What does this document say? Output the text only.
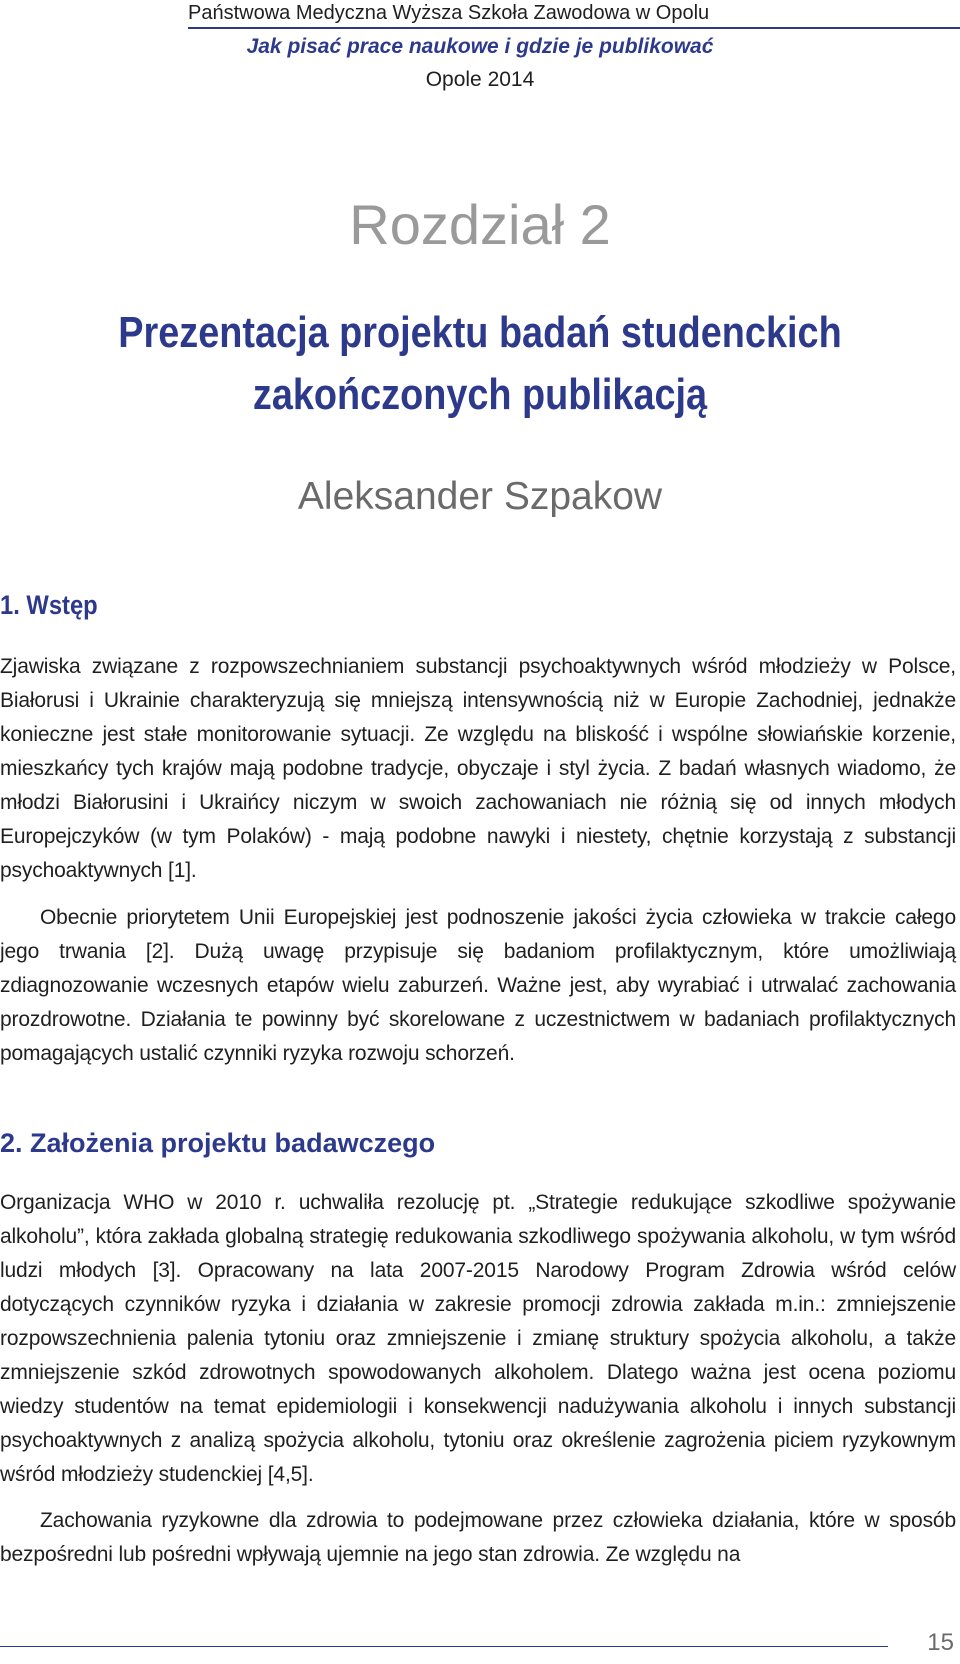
Państwowa Medyczna Wyższa Szkoła Zawodowa w Opolu
Jak pisać prace naukowe i gdzie je publikować
Opole 2014
Rozdział 2
Prezentacja projektu badań studenckich zakończonych publikacją
Aleksander Szpakow
1. Wstęp

Zjawiska związane z rozpowszechnianiem substancji psychoaktywnych wśród młodzieży w Polsce, Białorusi i Ukrainie charakteryzują się mniejszą intensywnością niż w Europie Zachodniej, jednakże konieczne jest stałe monitorowanie sytuacji. Ze względu na bliskość i wspólne słowiańskie korzenie, mieszkańcy tych krajów mają podobne tradycje, obyczaje i styl życia. Z badań własnych wiadomo, że młodzi Białorusini i Ukraińcy niczym w swoich zachowaniach nie różnią się od innych młodych Europejczyków (w tym Polaków) - mają podobne nawyki i niestety, chętnie korzystają z substancji psychoaktywnych [1].

Obecnie priorytetem Unii Europejskiej jest podnoszenie jakości życia człowieka w trakcie całego jego trwania [2]. Dużą uwagę przypisuje się badaniom profilaktycznym, które umożliwiają zdiagnozowanie wczesnych etapów wielu zaburzeń. Ważne jest, aby wyrabiać i utrwalać zachowania prozdrowotne. Działania te powinny być skorelowane z uczestnictwem w badaniach profilaktycznych pomagających ustalić czynniki ryzyka rozwoju schorzeń.

2. Założenia projektu badawczego

Organizacja WHO w 2010 r. uchwaliła rezolucję pt. „Strategie redukujące szkodliwe spożywanie alkoholu”, która zakłada globalną strategię redukowania szkodliwego spożywania alkoholu, w tym wśród ludzi młodych [3]. Opracowany na lata 2007-2015 Narodowy Program Zdrowia wśród celów dotyczących czynników ryzyka i działania w zakresie promocji zdrowia zakłada m.in.: zmniejszenie rozpowszechnienia palenia tytoniu oraz zmniejszenie i zmianę struktury spożycia alkoholu, a także zmniejszenie szkód zdrowotnych spowodowanych alkoholem. Dlatego ważna jest ocena poziomu wiedzy studentów na temat epidemiologii i konsekwencji nadużywania alkoholu i innych substancji psychoaktywnych z analizą spożycia alkoholu, tytoniu oraz określenie zagrożenia piciem ryzykownym wśród młodzieży studenckiej [4,5].

Zachowania ryzykowne dla zdrowia to podejmowane przez człowieka działania, które w sposób bezpośredni lub pośredni wpływają ujemnie na jego stan zdrowia. Ze względu na

15
